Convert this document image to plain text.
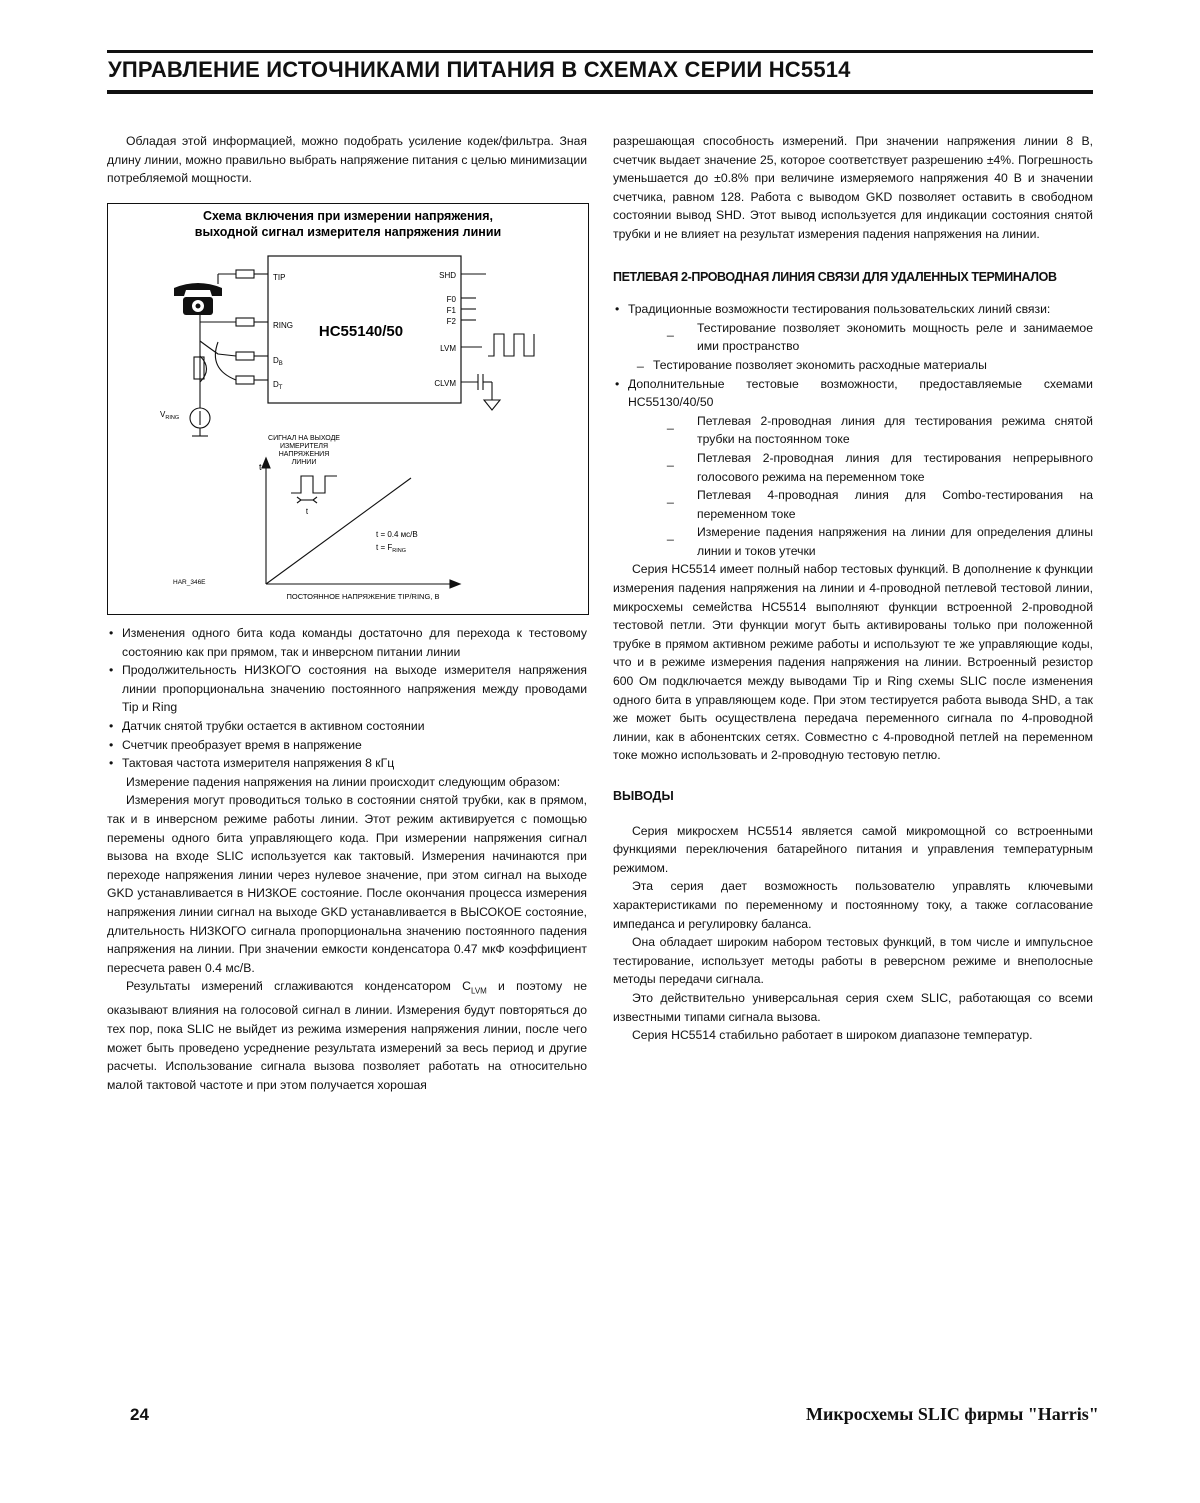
УПРАВЛЕНИЕ ИСТОЧНИКАМИ ПИТАНИЯ В СХЕМАХ СЕРИИ HC5514

Обладая этой информацией, можно подобрать усиление кодек/фильтра. Зная длину линии, можно правильно выбрать напряжение питания с целью минимизации потребляемой мощности.

Схема включения при измерении напряжения,
выходной сигнал измерителя напряжения линии
HC55140/50
TIP
RING
$D_B$
$D_T$
SHD
F0
F1
F2
LVM
CLVM
$V_{RING}$
СИГНАЛ НА ВЫХОДЕ
ИЗМЕРИТЕЛЯ
НАПРЯЖЕНИЯ
ЛИНИИ
t
t
t = 0.4 мс/В
$t = F_{RING}$
HAR_346E
ПОСТОЯННОЕ НАПРЯЖЕНИЕ TIP/RING, В
• Изменения одного бита кода команды достаточно для перехода к тестовому состоянию как при прямом, так и инверсном питании линии
• Продолжительность НИЗКОГО состояния на выходе измерителя напряжения линии пропорциональна значению постоянного напряжения между проводами Tip и Ring
• Датчик снятой трубки остается в активном состоянии
• Счетчик преобразует время в напряжение
• Тактовая частота измерителя напряжения 8 кГц

Измерение падения напряжения на линии происходит следующим образом:

Измерения могут проводиться только в состоянии снятой трубки, как в прямом, так и в инверсном режиме работы линии. Этот режим активируется с помощью перемены одного бита управляющего кода. При измерении напряжения сигнал вызова на входе SLIC используется как тактовый. Измерения начинаются при переходе напряжения линии через нулевое значение, при этом сигнал на выходе GKD устанавливается в НИЗКОЕ состояние. После окончания процесса измерения напряжения линии сигнал на выходе GKD устанавливается в ВЫСОКОЕ состояние, длительность НИЗКОГО сигнала пропорциональна значению постоянного падения напряжения на линии. При значении емкости конденсатора 0.47 мкФ коэффициент пересчета равен 0.4 мс/В.

Результаты измерений сглаживаются конденсатором $C_{LVM}$ и поэтому не оказывают влияния на голосовой сигнал в линии. Измерения будут повторяться до тех пор, пока SLIC не выйдет из режима измерения напряжения линии, после чего может быть проведено усреднение результата измерений за весь период и другие расчеты. Использование сигнала вызова позволяет работать на относительно малой тактовой частоте и при этом получается хорошая

разрешающая способность измерений. При значении напряжения линии 8 В, счетчик выдает значение 25, которое соответствует разрешению ±4%. Погрешность уменьшается до ±0.8% при величине измеряемого напряжения 40 В и значении счетчика, равном 128. Работа с выводом GKD позволяет оставить в свободном состоянии вывод SHD. Этот вывод используется для индикации состояния снятой трубки и не влияет на результат измерения падения напряжения на линии.

ПЕТЛЕВАЯ 2-ПРОВОДНАЯ ЛИНИЯ СВЯЗИ ДЛЯ УДАЛЕННЫХ ТЕРМИНАЛОВ
• Традиционные возможности тестирования пользовательских линий связи:
_ Тестирование позволяет экономить мощность реле и занимаемое ими пространство
_ Тестирование позволяет экономить расходные материалы
• Дополнительные тестовые возможности, предоставляемые схемами HC55130/40/50
_ Петлевая 2-проводная линия для тестирования режима снятой трубки на постоянном токе
_ Петлевая 2-проводная линия для тестирования непрерывного голосового режима на переменном токе
_ Петлевая 4-проводная линия для Combo-тестирования на переменном токе
_ Измерение падения напряжения на линии для определения длины линии и токов утечки

Серия HC5514 имеет полный набор тестовых функций. В дополнение к функции измерения падения напряжения на линии и 4-проводной петлевой тестовой линии, микросхемы семейства HC5514 выполняют функции встроенной 2-проводной тестовой петли. Эти функции могут быть активированы только при положенной трубке в прямом активном режиме работы и используют те же управляющие коды, что и в режиме измерения падения напряжения на линии. Встроенный резистор 600 Ом подключается между выводами Tip и Ring схемы SLIC после изменения одного бита в управляющем коде. При этом тестируется работа вывода SHD, а так же может быть осуществлена передача переменного сигнала по 4-проводной линии, как в абонентских сетях. Совместно с 4-проводной петлей на переменном токе можно использовать и 2-проводную тестовую петлю.

ВЫВОДЫ

Серия микросхем HC5514 является самой микромощной со встроенными функциями переключения батарейного питания и управления температурным режимом.

Эта серия дает возможность пользователю управлять ключевыми характеристиками по переменному и постоянному току, а также согласование импеданса и регулировку баланса.

Она обладает широким набором тестовых функций, в том числе и импульсное тестирование, использует методы работы в реверсном режиме и внеполосные методы передачи сигнала.

Это действительно универсальная серия схем SLIC, работающая со всеми известными типами сигнала вызова.

Серия HC5514 стабильно работает в широком диапазоне температур.

24	Микросхемы SLIC фирмы "Harris"
